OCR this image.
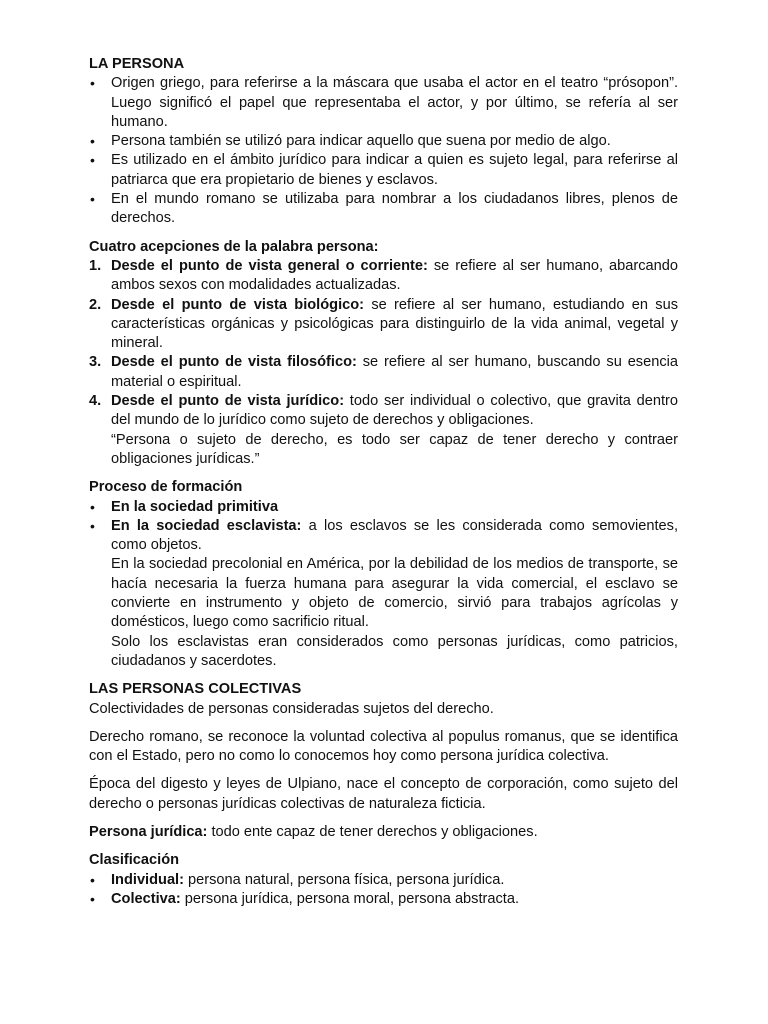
LA PERSONA
•	Origen griego, para referirse a la máscara que usaba el actor en el teatro “prósopon”. Luego significó el papel que representaba el actor, y por último, se refería al ser humano.
•	Persona también se utilizó para indicar aquello que suena por medio de algo.
•	Es utilizado en el ámbito jurídico para indicar a quien es sujeto legal, para referirse al patriarca que era propietario de bienes y esclavos.
•	En el mundo romano se utilizaba para nombrar a los ciudadanos libres, plenos de derechos.
Cuatro acepciones de la palabra persona:
1. Desde el punto de vista general o corriente: se refiere al ser humano, abarcando ambos sexos con modalidades actualizadas.
2. Desde el punto de vista biológico: se refiere al ser humano, estudiando en sus características orgánicas y psicológicas para distinguirlo de la vida animal, vegetal y mineral.
3. Desde el punto de vista filosófico: se refiere al ser humano, buscando su esencia material o espiritual.
4. Desde el punto de vista jurídico: todo ser individual o colectivo, que gravita dentro del mundo de lo jurídico como sujeto de derechos y obligaciones.
“Persona o sujeto de derecho, es todo ser capaz de tener derecho y contraer obligaciones jurídicas.”
Proceso de formación
•	En la sociedad primitiva
•	En la sociedad esclavista: a los esclavos se les considerada como semovientes, como objetos.
En la sociedad precolonial en América, por la debilidad de los medios de transporte, se hacía necesaria la fuerza humana para asegurar la vida comercial, el esclavo se convierte en instrumento y objeto de comercio, sirvió para trabajos agrícolas y domésticos, luego como sacrificio ritual.
Solo los esclavistas eran considerados como personas jurídicas, como patricios, ciudadanos y sacerdotes.
LAS PERSONAS COLECTIVAS

Colectividades de personas consideradas sujetos del derecho.

Derecho romano, se reconoce la voluntad colectiva al populus romanus, que se identifica con el Estado, pero no como lo conocemos hoy como persona jurídica colectiva.

Época del digesto y leyes de Ulpiano, nace el concepto de corporación, como sujeto del derecho o personas jurídicas colectivas de naturaleza ficticia.

Persona jurídica: todo ente capaz de tener derechos y obligaciones.

Clasificación
•	Individual: persona natural, persona física, persona jurídica.
•	Colectiva: persona jurídica, persona moral, persona abstracta.
